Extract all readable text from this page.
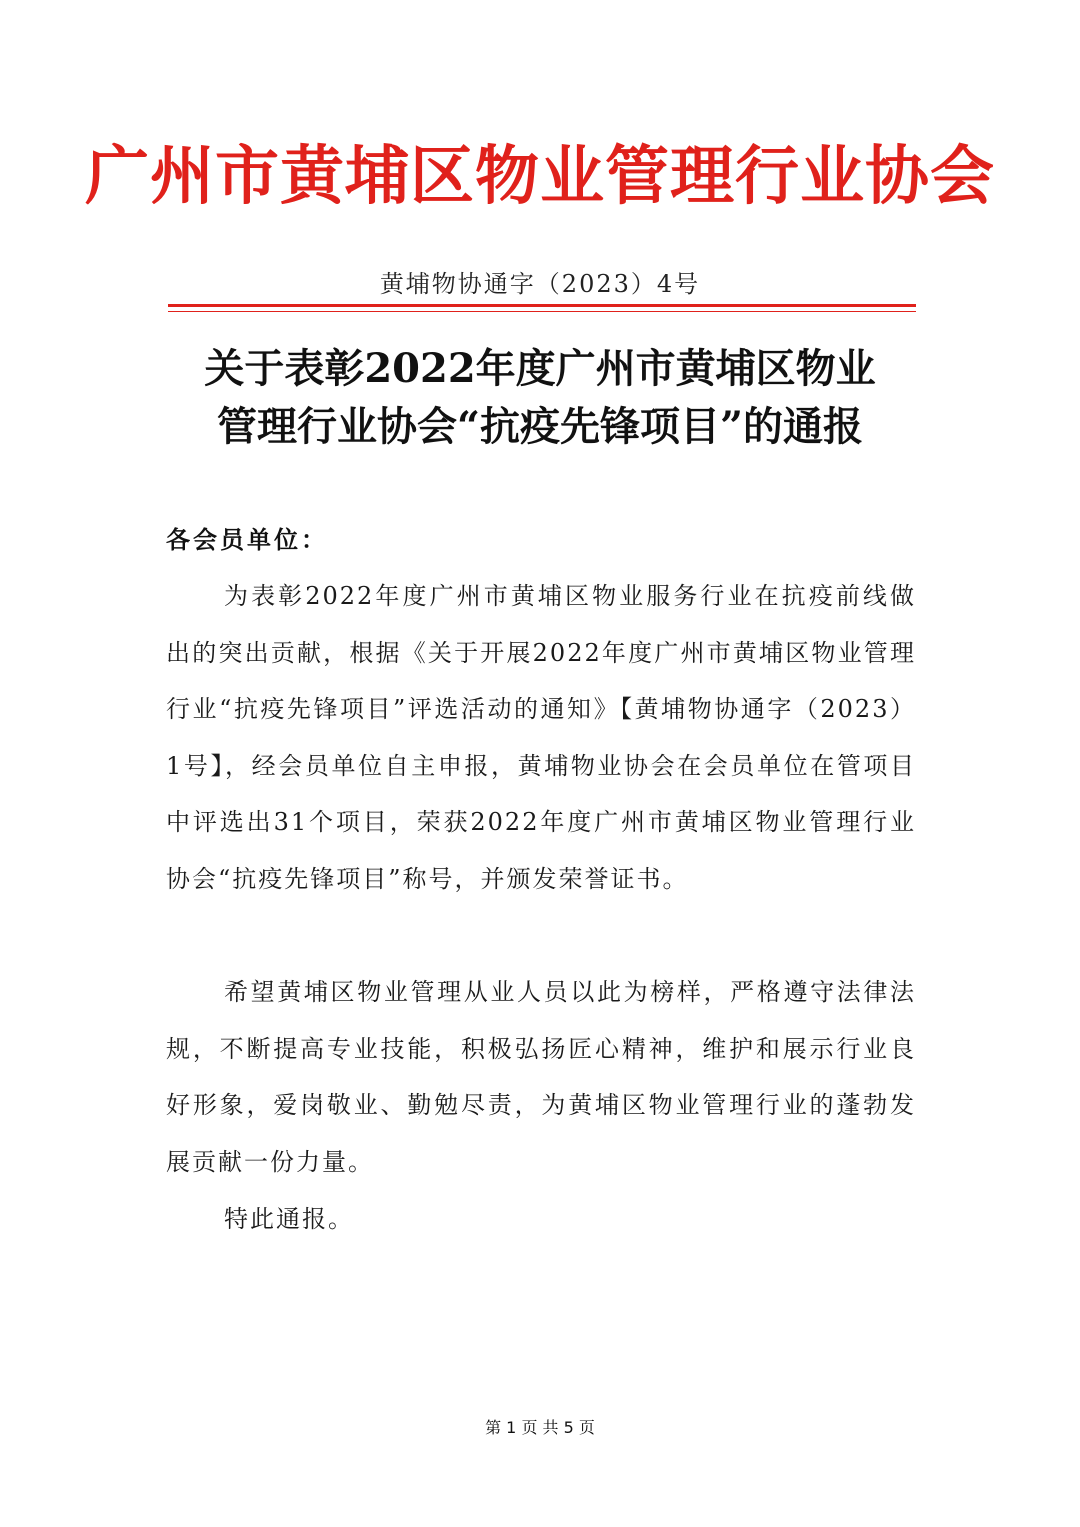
广州市黄埔区物业管理行业协会
黄埔物协通字（2023）4号
关于表彰2022年度广州市黄埔区物业
管理行业协会“抗疫先锋项目”的通报
各会员单位：
为表彰2022年度广州市黄埔区物业服务行业在抗疫前线做出的突出贡献，根据《关于开展2022年度广州市黄埔区物业管理行业“抗疫先锋项目”评选活动的通知》【黄埔物协通字（2023）1号】，经会员单位自主申报，黄埔物业协会在会员单位在管项目中评选出31个项目，荣获2022年度广州市黄埔区物业管理行业协会“抗疫先锋项目”称号，并颁发荣誉证书。
希望黄埔区物业管理从业人员以此为榜样，严格遵守法律法规，不断提高专业技能，积极弘扬匠心精神，维护和展示行业良好形象，爱岗敬业、勤勉尽责，为黄埔区物业管理行业的蓬勃发展贡献一份力量。
特此通报。
第 1 页 共 5 页
